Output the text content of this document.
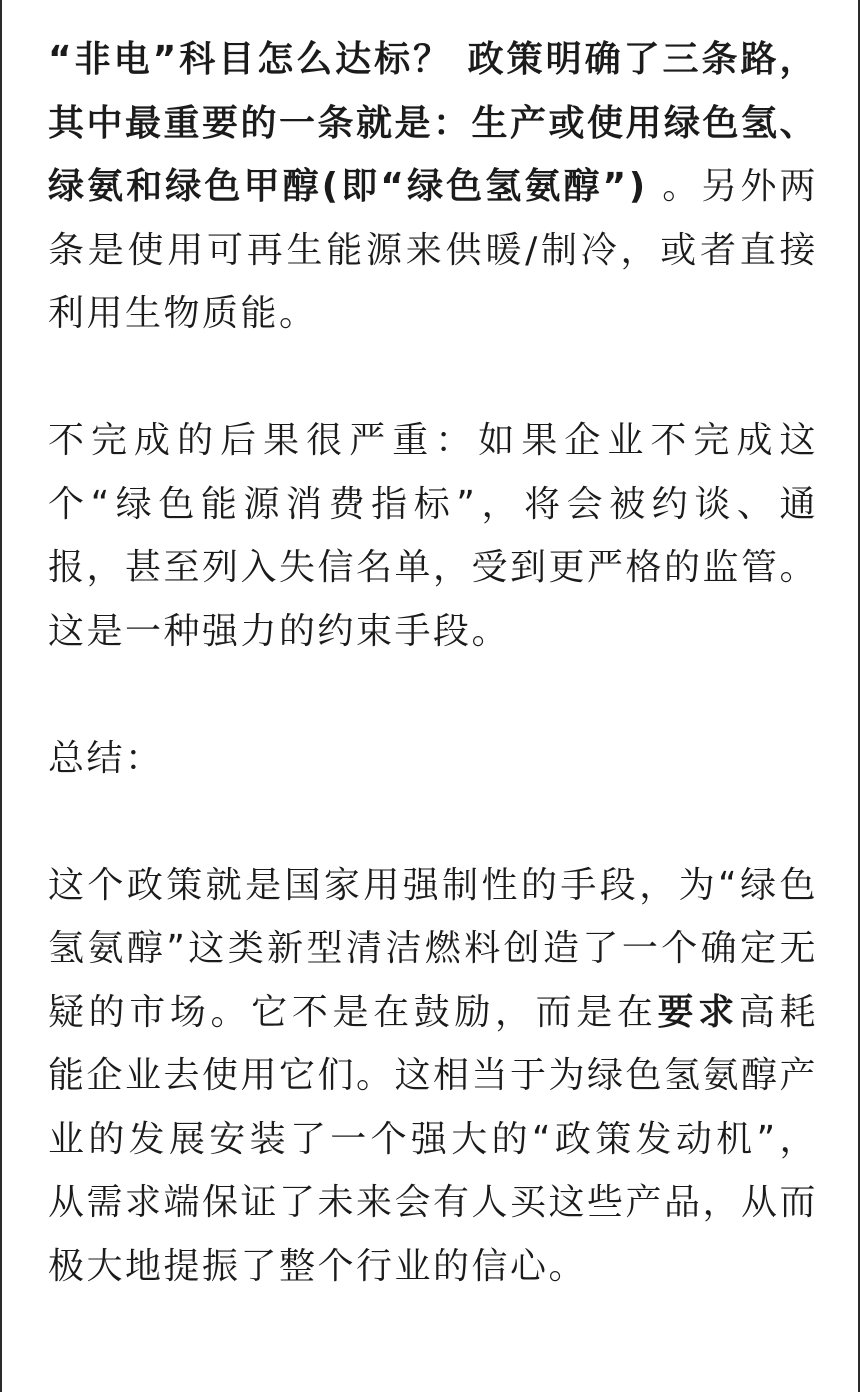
“非电”科目怎么达标？ 政策明确了三条路，其中最重要的一条就是：生产或使用绿色氢、绿氨和绿色甲醇(即“绿色氢氨醇”) 。另外两条是使用可再生能源来供暖/制冷，或者直接利用生物质能。

不完成的后果很严重：如果企业不完成这个“绿色能源消费指标”，将会被约谈、通报，甚至列入失信名单，受到更严格的监管。这是一种强力的约束手段。

总结：

这个政策就是国家用强制性的手段，为“绿色氢氨醇”这类新型清洁燃料创造了一个确定无疑的市场。它不是在鼓励，而是在要求高耗能企业去使用它们。这相当于为绿色氢氨醇产业的发展安装了一个强大的“政策发动机”，从需求端保证了未来会有人买这些产品，从而极大地提振了整个行业的信心。
